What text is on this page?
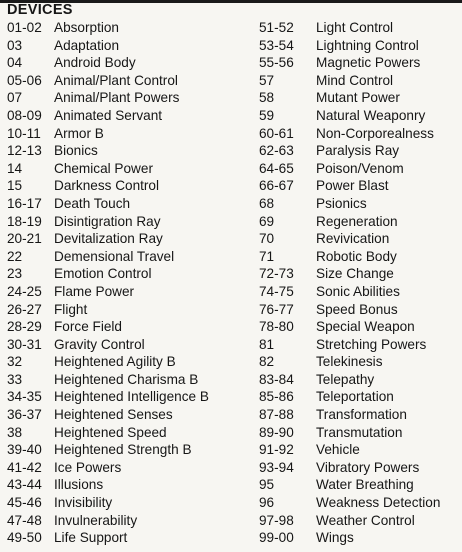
DEVICES
01-02 Absorption
03 Adaptation
04 Android Body
05-06 Animal/Plant Control
07 Animal/Plant Powers
08-09 Animated Servant
10-11 Armor B
12-13 Bionics
14 Chemical Power
15 Darkness Control
16-17 Death Touch
18-19 Disintigration Ray
20-21 Devitalization Ray
22 Demensional Travel
23 Emotion Control
24-25 Flame Power
26-27 Flight
28-29 Force Field
30-31 Gravity Control
32 Heightened Agility B
33 Heightened Charisma B
34-35 Heightened Intelligence B
36-37 Heightened Senses
38 Heightened Speed
39-40 Heightened Strength B
41-42 Ice Powers
43-44 Illusions
45-46 Invisibility
47-48 Invulnerability
49-50 Life Support
51-52 Light Control
53-54 Lightning Control
55-56 Magnetic Powers
57	Mind Control
58	Mutant Power
59	Natural Weaponry
60-61 Non-Corporealness
62-63 Paralysis Ray
64-65 Poison/Venom
66-67 Power Blast
68	Psionics
69	Regeneration
70	Revivication
71	Robotic Body
72-73 Size Change
74-75 Sonic Abilities
76-77 Speed Bonus
78-80 Special Weapon
81	Stretching Powers
82	Telekinesis
83-84 Telepathy
85-86 Teleportation
87-88 Transformation
89-90 Transmutation
91-92 Vehicle
93-94 Vibratory Powers
95	Water Breathing
96	Weakness Detection
97-98 Weather Control
99-00 Wings
